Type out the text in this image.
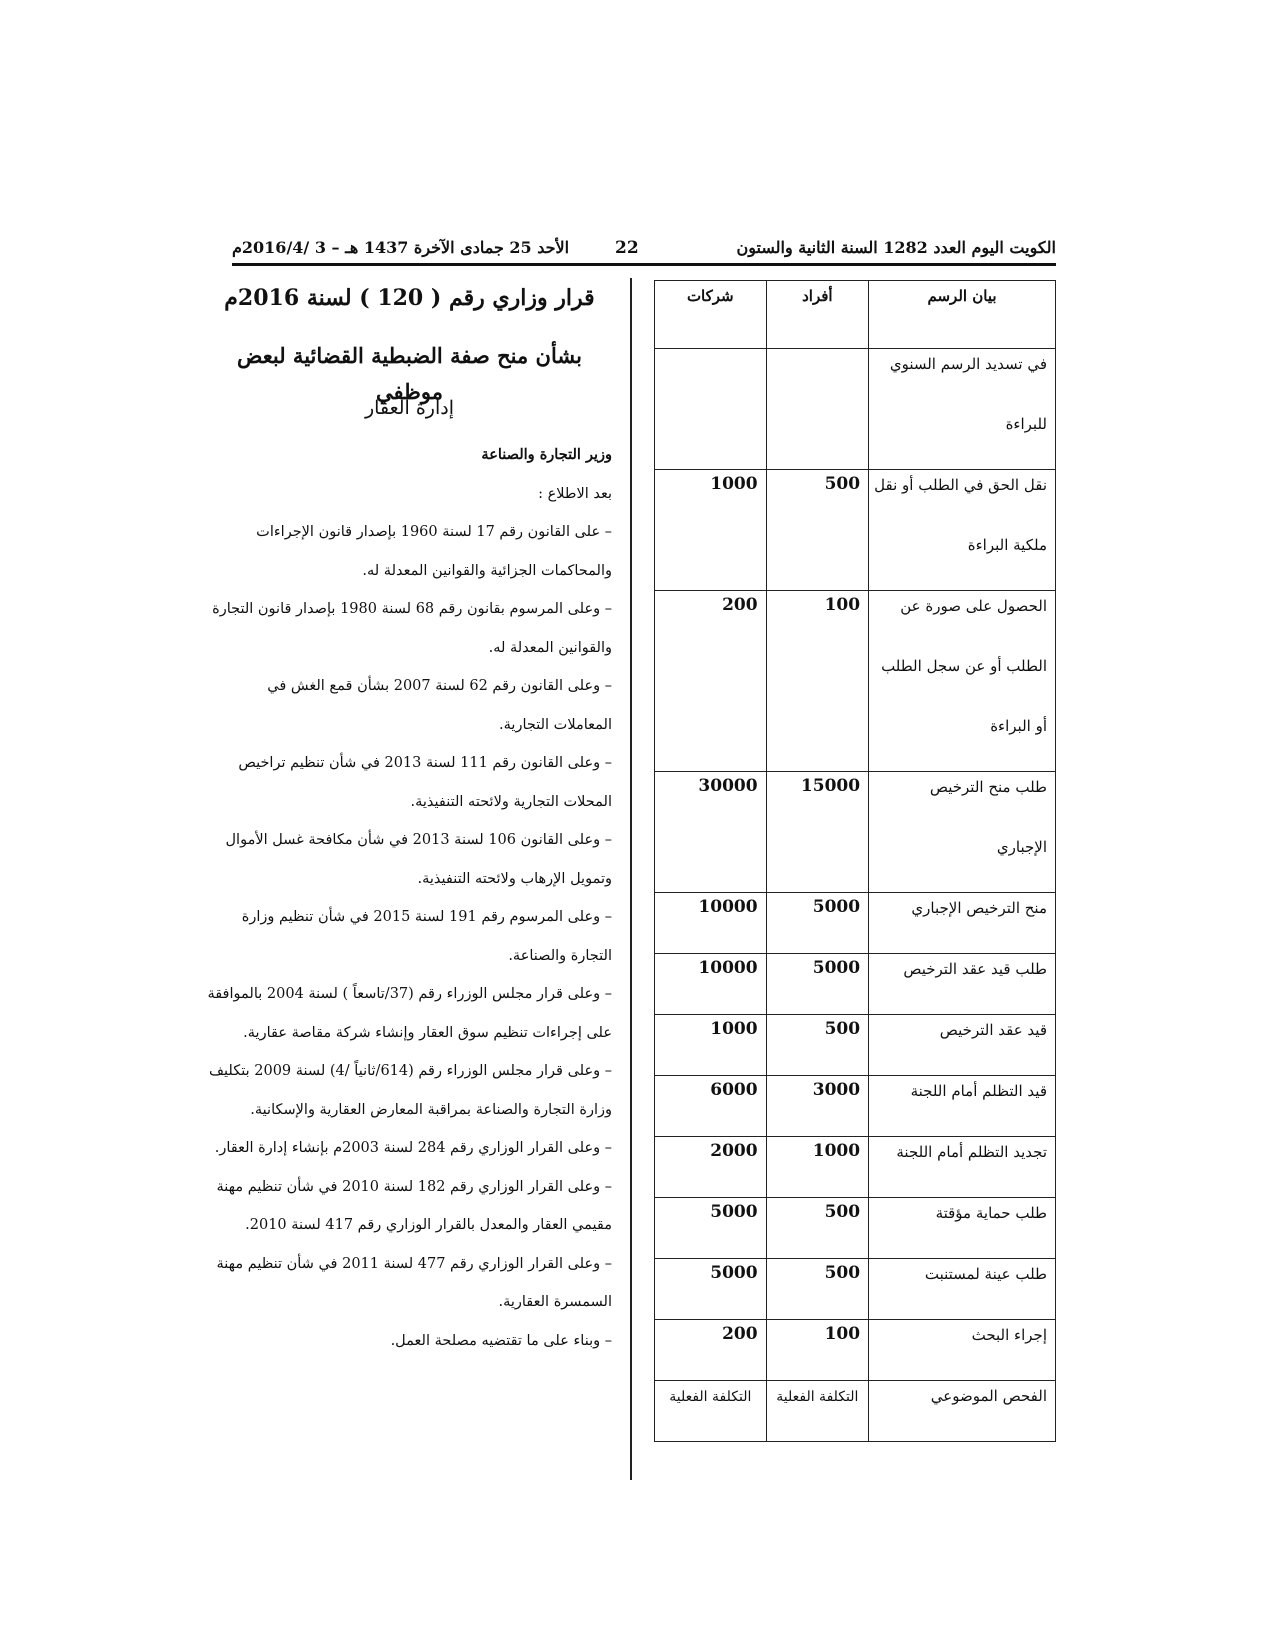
الكويت اليوم العدد 1282 السنة الثانية والستون
22
الأحد 25 جمادى الآخرة 1437 هـ – 3 /2016/4م
بيان الرسم	أفراد	شركات

في تسديد الرسم السنوي
للبراءة		

نقل الحق في الطلب أو نقل
ملكية البراءة	500	1000

الحصول على صورة عن
الطلب أو عن سجل الطلب
أو البراءة	100	200

طلب منح الترخيص
الإجباري	15000	30000

منح الترخيص الإجباري	5000	10000

طلب قيد عقد الترخيص	5000	10000

قيد عقد الترخيص	500	1000

قيد التظلم أمام اللجنة	3000	6000

تجديد التظلم أمام اللجنة	1000	2000

طلب حماية مؤقتة	500	5000

طلب عينة لمستنبت	500	5000

إجراء البحث	100	200

الفحص الموضوعي	التكلفة الفعلية	التكلفة الفعلية
قرار وزاري رقم ( 120 ) لسنة 2016م
بشأن منح صفة الضبطية القضائية لبعض موظفي
إدارة العقار
وزير التجارة والصناعة
بعد الاطلاع :
– على القانون رقم 17 لسنة 1960 بإصدار قانون الإجراءات
والمحاكمات الجزائية والقوانين المعدلة له.
– وعلى المرسوم بقانون رقم 68 لسنة 1980 بإصدار قانون التجارة
والقوانين المعدلة له.
– وعلى القانون رقم 62 لسنة 2007 بشأن قمع الغش في
المعاملات التجارية.
– وعلى القانون رقم 111 لسنة 2013 في شأن تنظيم تراخيص
المحلات التجارية ولائحته التنفيذية.
– وعلى القانون 106 لسنة 2013 في شأن مكافحة غسل الأموال
وتمويل الإرهاب ولائحته التنفيذية.
– وعلى المرسوم رقم 191 لسنة 2015 في شأن تنظيم وزارة
التجارة والصناعة.
– وعلى قرار مجلس الوزراء رقم (37/تاسعاً ) لسنة 2004 بالموافقة
على إجراءات تنظيم سوق العقار وإنشاء شركة مقاصة عقارية.
– وعلى قرار مجلس الوزراء رقم (614/ثانياً /4) لسنة 2009 بتكليف
وزارة التجارة والصناعة بمراقبة المعارض العقارية والإسكانية.
– وعلى القرار الوزاري رقم 284 لسنة 2003م بإنشاء إدارة العقار.
– وعلى القرار الوزاري رقم 182 لسنة 2010 في شأن تنظيم مهنة
مقيمي العقار والمعدل بالقرار الوزاري رقم 417 لسنة 2010.
– وعلى القرار الوزاري رقم 477 لسنة 2011 في شأن تنظيم مهنة
السمسرة العقارية.
– وبناء على ما تقتضيه مصلحة العمل.
